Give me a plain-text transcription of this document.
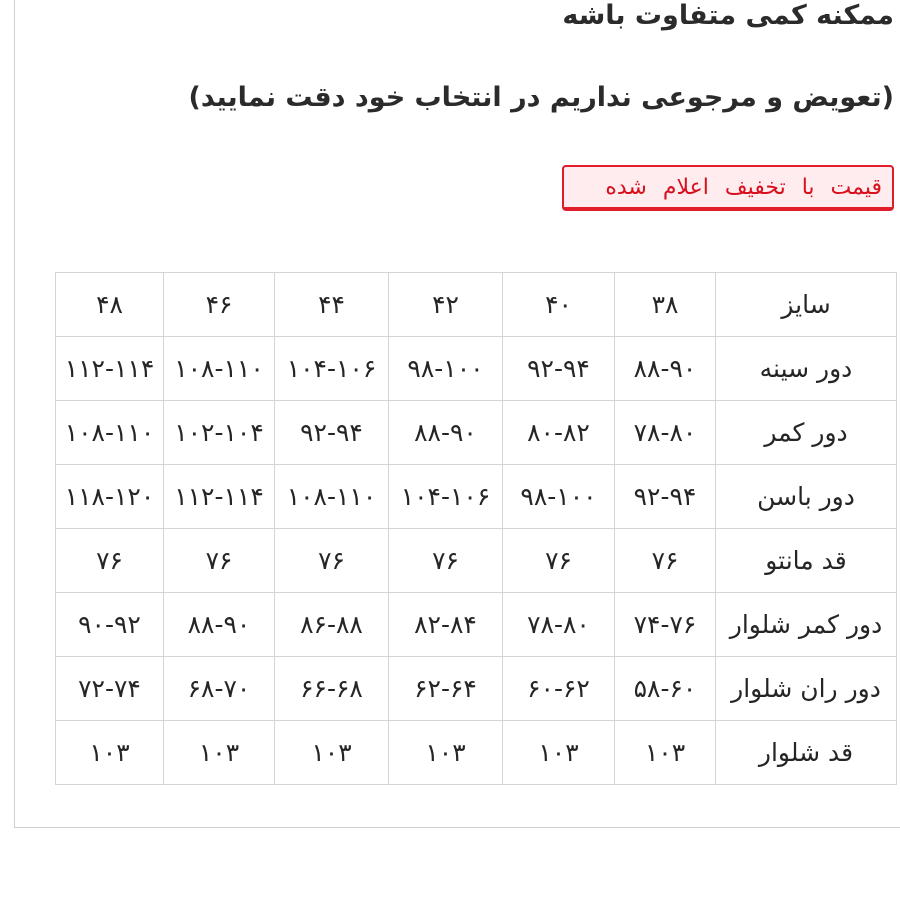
ممکنه کمی متفاوت باشه
(تعویض و مرجوعی نداریم در انتخاب خود دقت نمایید)
قیمت با تخفیف اعلام شده
سایز	۳۸	۴۰	۴۲	۴۴	۴۶	۴۸
دور سینه	۸۸-۹۰	۹۲-۹۴	۹۸-۱۰۰	۱۰۴-۱۰۶	۱۰۸-۱۱۰	۱۱۲-۱۱۴
دور کمر	۷۸-۸۰	۸۰-۸۲	۸۸-۹۰	۹۲-۹۴	۱۰۲-۱۰۴	۱۰۸-۱۱۰
دور باسن	۹۲-۹۴	۹۸-۱۰۰	۱۰۴-۱۰۶	۱۰۸-۱۱۰	۱۱۲-۱۱۴	۱۱۸-۱۲۰
قد مانتو	۷۶	۷۶	۷۶	۷۶	۷۶	۷۶
دور کمر شلوار	۷۴-۷۶	۷۸-۸۰	۸۲-۸۴	۸۶-۸۸	۸۸-۹۰	۹۰-۹۲
دور ران شلوار	۵۸-۶۰	۶۰-۶۲	۶۲-۶۴	۶۶-۶۸	۶۸-۷۰	۷۲-۷۴
قد شلوار	۱۰۳	۱۰۳	۱۰۳	۱۰۳	۱۰۳	۱۰۳
